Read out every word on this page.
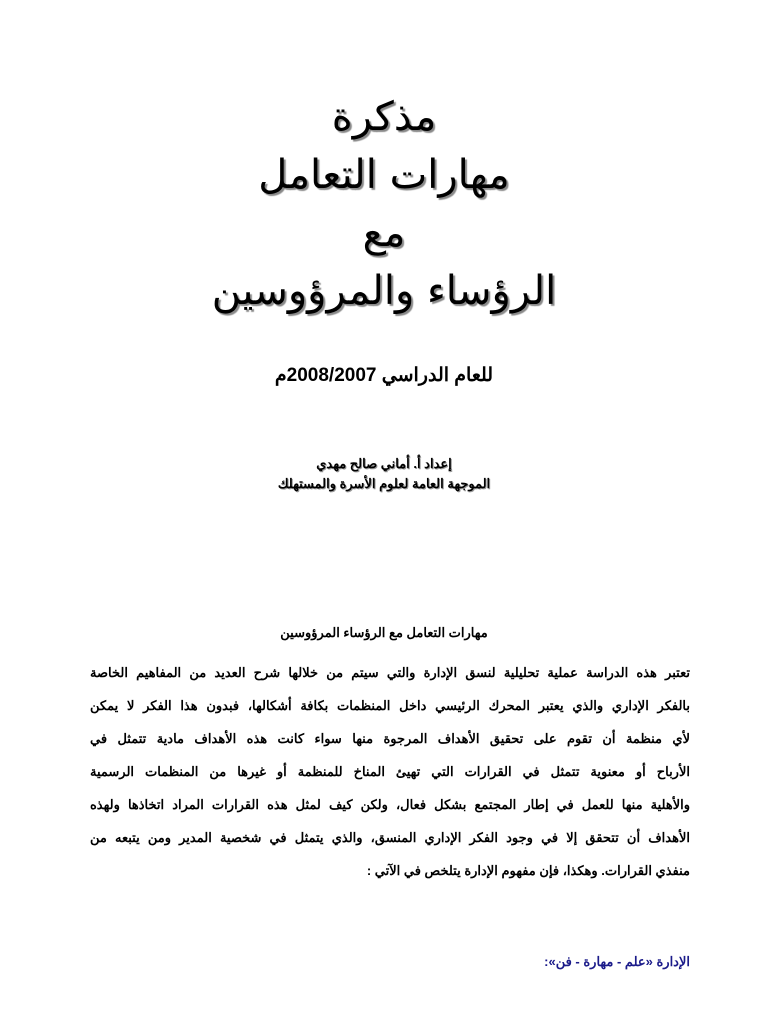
مذكرة
مهارات التعامل
مع
الرؤساء والمرؤوسين
للعام الدراسي 2008/2007م
إعداد أ. أماني صالح مهدي
الموجهة العامة لعلوم الأسرة والمستهلك
مهارات التعامل مع الرؤساء المرؤوسين
تعتبر هذه الدراسة عملية تحليلية لنسق الإدارة والتي سيتم من خلالها شرح العديد من المفاهيم الخاصة
بالفكر الإداري والذي يعتبر المحرك الرئيسي داخل المنظمات بكافة أشكالها، فبدون هذا الفكر لا يمكن
لأي منظمة أن تقوم على تحقيق الأهداف المرجوة منها سواء كانت هذه الأهداف مادية تتمثل في
الأرباح أو معنوية تتمثل في القرارات التي تهيئ المناخ للمنظمة أو غيرها من المنظمات الرسمية
والأهلية منها للعمل في إطار المجتمع بشكل فعال، ولكن كيف لمثل هذه القرارات المراد اتخاذها ولهذه
الأهداف أن تتحقق إلا في وجود الفكر الإداري المنسق، والذي يتمثل في شخصية المدير ومن يتبعه من
منفذي القرارات. وهكذا، فإن مفهوم الإدارة يتلخص في الآتي :
الإدارة «علم - مهارة - فن»:
